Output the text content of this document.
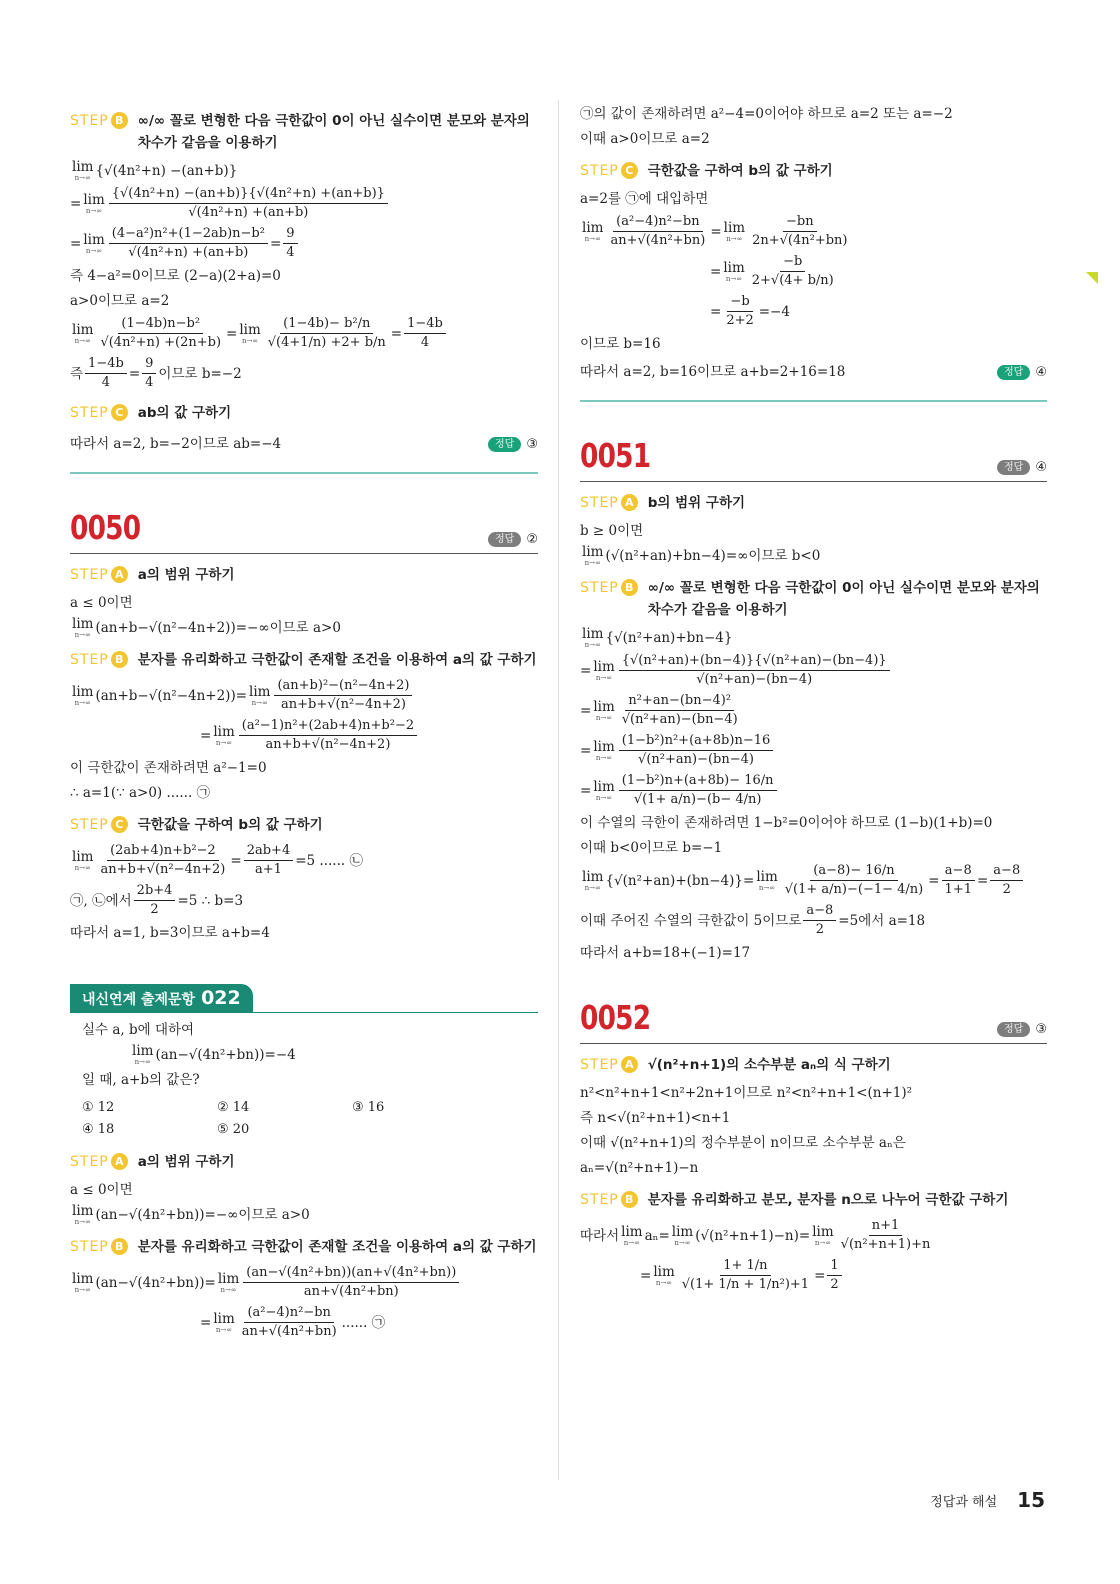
STEP B	∞/∞ 꼴로 변형한 다음 극한값이 0이 아닌 실수이면 분모와 분자의 차수가 같음을 이용하기
lim
n→∞ {√(4n²+n) −(an+b)}
= lim
$n\to\infty \frac{\text{\{√(4n²+n) −(an+b)\}\{√(4n²+n) +(an+b)\}}}{\text{√(4n²+n) +(an+b)}}$
= lim
$n\to\infty \frac{\text{(4−a²)n²+(1−2ab)n−b²}}{\text{√(4n²+n) +(an+b)}} = \frac{9}{4}$
즉 4−a²=0이므로 (2−a)(2+a)=0
a>0이므로 a=2
lim
$n\to\infty \frac{\text{(1−4b)n−b²}}{\text{√(4n²+n) +(2n+b)}} = \lim$
$n\to\infty \frac{\text{(1−4b)− b²/n}}{√(4+1/n) +2+ b/n} = \frac{1-4b}{4}$
즉 $\frac{1-4b}{4} = \frac{9}{4}$ 이므로 b=−2
STEP C	ab의 값 구하기
따라서 a=2, b=−2이므로 ab=−4	정답 ③
0050	정답 ②
STEP A	a의 범위 구하기
a ≤ 0이면
lim
n→∞ (an+b−√(n²−4n+2))=−∞이므로 a>0
STEP B	분자를 유리화하고 극한값이 존재할 조건을 이용하여 a의 값 구하기
lim
n→∞ (an+b−√(n²−4n+2))= lim
$n\to\infty \frac{\text{(an+b)²−(n²−4n+2)}}{\text{an+b+√(n²−4n+2)}}$
= lim
$n\to\infty \frac{\text{(a²−1)n²+(2ab+4)n+b²−2}}{\text{an+b+√(n²−4n+2)}}$
이 극한값이 존재하려면 a²−1=0
∴ a=1(∵ a>0) ...... ㉠
STEP C	극한값을 구하여 b의 값 구하기
lim
$n\to\infty \frac{\text{(2ab+4)n+b²−2}}{\text{an+b+√(n²−4n+2)}} = \frac{2ab+4}{a+1} =5$ ...... ㉡
㉠, ㉡에서 $\frac{2b+4}{2} =5$ ∴ b=3
따라서 a=1, b=3이므로 a+b=4
내신연계 출제문항 022
실수 a, b에 대하여
lim
n→∞ (an−√(4n²+bn))=−4
일 때, a+b의 값은?
① 12	② 14	③ 16
④ 18	⑤ 20
STEP A	a의 범위 구하기
a ≤ 0이면
lim
n→∞ (an−√(4n²+bn))=−∞이므로 a>0
STEP B	분자를 유리화하고 극한값이 존재할 조건을 이용하여 a의 값 구하기
lim
n→∞ (an−√(4n²+bn))= lim
$n\to\infty \frac{\text{(an−√(4n²+bn))(an+√(4n²+bn))}}{\text{an+√(4n²+bn)}}$
= lim
$n\to\infty \frac{\text{(a²−4)n²−bn}}{\text{an+√(4n²+bn)}}$ ...... ㉠
㉠의 값이 존재하려면 a²−4=0이어야 하므로 a=2 또는 a=−2
이때 a>0이므로 a=2
STEP C	극한값을 구하여 b의 값 구하기
a=2를 ㉠에 대입하면
lim
$n\to\infty \frac{\text{(a²−4)n²−bn}}{\text{an+√(4n²+bn)}} = \lim$
$n\to\infty \frac{-bn}{\text{2n+√(4n²+bn)}}$
= lim
$n\to\infty \frac{-b}{2+√(4+ b/n)}$
= $\frac{-b}{2+2} =-4$
이므로 b=16
따라서 a=2, b=16이므로 a+b=2+16=18	정답 ④
0051	정답 ④
STEP A	b의 범위 구하기
b ≥ 0이면
lim
n→∞ (√(n²+an)+bn−4)=∞이므로 b<0
STEP B	∞/∞ 꼴로 변형한 다음 극한값이 0이 아닌 실수이면 분모와 분자의 차수가 같음을 이용하기
lim
n→∞ {√(n²+an)+bn−4}
= lim
$n\to\infty \frac{\text{\{√(n²+an)+(bn−4)\}\{√(n²+an)−(bn−4)\}}}{\text{√(n²+an)−(bn−4)}}$
= lim
$n\to\infty \frac{\text{n²+an−(bn−4)²}}{\text{√(n²+an)−(bn−4)}}$
= lim
$n\to\infty \frac{\text{(1−b²)n²+(a+8b)n−16}}{\text{√(n²+an)−(bn−4)}}$
= lim
$n\to\infty \frac{\text{(1−b²)n+(a+8b)− 16/n}}{√(1+ a/n)-(b- 4/n)}$
이 수열의 극한이 존재하려면 1−b²=0이어야 하므로 (1−b)(1+b)=0
이때 b<0이므로 b=−1
lim
n→∞ {√(n²+an)+(bn−4)}= lim
$n\to\infty \frac{(a-8)- 16/n}{√(1+ a/n)-(-1- 4/n)} = \frac{a-8}{1+1} = \frac{a-8}{2}$
이때 주어진 수열의 극한값이 5이므로 $\frac{a-8}{2} =5$에서 a=18
따라서 a+b=18+(−1)=17
0052	정답 ③
STEP A	√(n²+n+1)의 소수부분 aₙ의 식 구하기
n²<n²+n+1<n²+2n+1이므로 n²<n²+n+1<(n+1)²
즉 n<√(n²+n+1)<n+1
이때 √(n²+n+1)의 정수부분이 n이므로 소수부분 aₙ은
aₙ=√(n²+n+1)−n
STEP B	분자를 유리화하고 분모, 분자를 n으로 나누어 극한값 구하기
따라서 lim
n→∞ aₙ= lim
n→∞ (√(n²+n+1)−n)= lim
$n\to\infty \frac{n+1}{\text{√(n²+n+1)+n}}$
= lim
$n\to\infty \frac{1+ 1/n}{\text{√(1+ 1/n + 1/n²)+1}} = \frac{1}{2}$
정답과 해설 15
